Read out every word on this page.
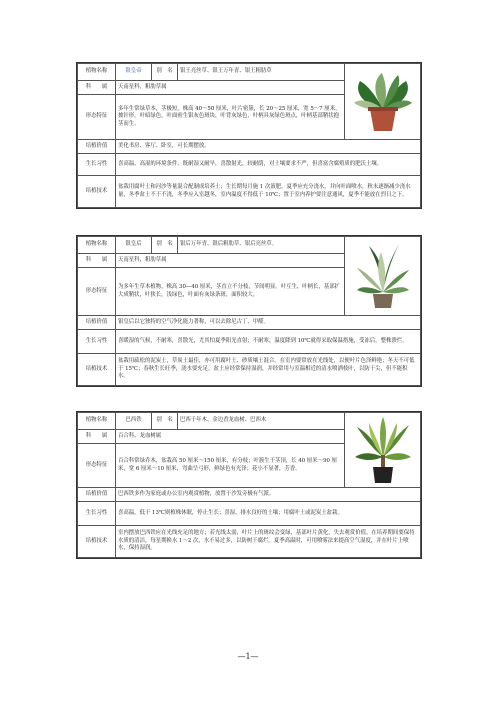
植物名称	银皇帝	别　名	银王亮丝草、银王万年青、银王粗肋草	

科　　属	天南星科，粗肋草属			
形态特征	多年生常绿草本，茎极短，株高 40～50 厘米，叶片密簇，长 20～25 厘米，宽 5～7 厘米，披针形，叶暗绿色，叶面密生银灰色斑块，叶背灰绿色，叶柄具灰绿色斑点，叶柄基部鞘状抱茎而生。			
培植价值	美化书房、客厅、卧室，可长期摆放。			
生长习性	喜高温、高湿的环境条件，既耐湿又耐旱，喜散射光，较耐荫，对土壤要求不严，但喜富含腐殖质的肥沃土壤。			
培植技术	盆栽用腐叶土和河沙等量混合配制成培养土；生长期每月施 1 次液肥，夏季应充分浇水，并向叶面喷水，秋末逐渐减少浇水量，冬季盆土不干不浇，冬季应入室越冬，室内温度不得低于 10℃；置于室内养护要注意通风，夏季不能放在烈日之下。			
植物名称	银皇后	别　名	银后万年青、银后粗肋草、银后亮丝草。	

科　　属	天南星科，粗肋草属			
形态特征	为多年生草本植物，株高 30—40 厘米，茎直立不分枝，节间明显。叶互生，叶柄长，基部扩大成鞘状，叶狭长，浅绿色，叶面有灰绿条斑，面积较大。			
培植价值	银皇后以它独特的空气净化能力著称，可以去除尼古丁、甲醛。			
生长习性	喜暖湿的气候，不耐寒，喜散光，尤其怕夏季阳光直射；不耐寒，温度降到 10℃就得采取保温措施，受冻后，整株溃烂。			
培植技术	盆栽用疏松的泥炭土，草炭土最佳，亦可用腐叶土、砂质壤土混合。在室内要常放在光线处，以便叶片色泽鲜艳；冬天不可低于 15℃；春秋生长旺季，浇水要充足，盆土应经常保持湿润，并经常用与室温相近的清水喷洒枝叶，以防干尖，但不能积水。			
植物名称	巴西铁	别　名	巴西千年木、金边香龙血树、巴西木	

科　　属	百合科、龙血树属			
形态特征	百合科常绿乔木，盆栽高 50 厘米～150 厘米，有分枝；叶簇生于茎顶，长 40 厘米～90 厘米，宽 6 厘米～10 厘米，弯曲呈弓形，鲜绿色有光泽；花小不显著，芳香。			
培植价值	巴西铁多作为家庭或办公室内观赏植物，放置于沙发旁极有气派。			
生长习性	喜高温，低于 13℃则植株休眠，停止生长；喜湿、排水良好的土壤；用腐叶土或泥炭土盆栽。			
培植技术	室内摆放巴西铁应在光线充足的地方；若光线太弱，叶片上的斑纹会变绿，基部叶片黄化，失去观赏价值。在培养期间要保持水质的清洁，每星期换水 1～2 次，水不易过多，以防树干腐烂。夏季高温时，可用喷雾法来提高空气湿度，并在叶片上喷水，保持湿润。			
—1—
